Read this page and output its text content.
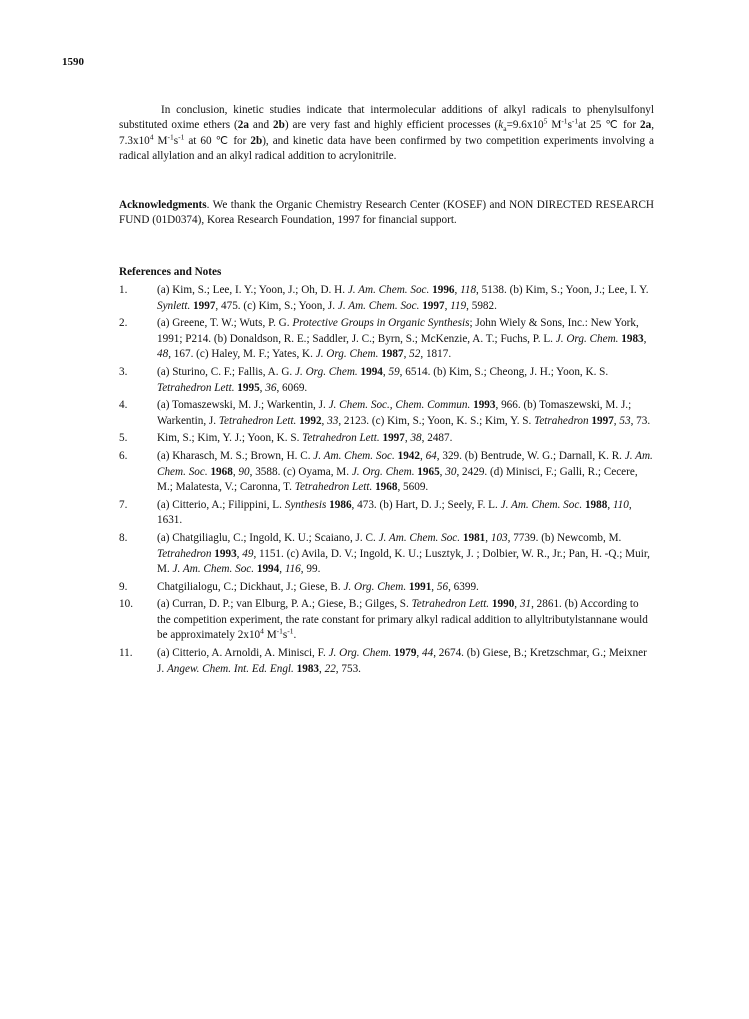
1590

In conclusion, kinetic studies indicate that intermolecular additions of alkyl radicals to phenylsulfonyl substituted oxime ethers (2a and 2b) are very fast and highly efficient processes ($k_a=9.6x10^5$ $M^{-1}s^{-1}at$ 25 ℃ for 2a, $7.3x10^4$ $M^{-1}s^{-1}$ at 60 ℃ for 2b), and kinetic data have been confirmed by two competition experiments involving a radical allylation and an alkyl radical addition to acrylonitrile.

Acknowledgments. We thank the Organic Chemistry Research Center (KOSEF) and NON DIRECTED RESEARCH FUND (01D0374), Korea Research Foundation, 1997 for financial support.

References and Notes
1.	(a) Kim, S.; Lee, I. Y.; Yoon, J.; Oh, D. H. J. Am. Chem. Soc. 1996, 118, 5138. (b) Kim, S.; Yoon, J.; Lee, I. Y. Synlett. 1997, 475. (c) Kim, S.; Yoon, J. J. Am. Chem. Soc. 1997, 119, 5982.
2.	(a) Greene, T. W.; Wuts, P. G. Protective Groups in Organic Synthesis; John Wiely & Sons, Inc.: New York, 1991; P214. (b) Donaldson, R. E.; Saddler, J. C.; Byrn, S.; McKenzie, A. T.; Fuchs, P. L. J. Org. Chem. 1983, 48, 167. (c) Haley, M. F.; Yates, K. J. Org. Chem. 1987, 52, 1817.
3.	(a) Sturino, C. F.; Fallis, A. G. J. Org. Chem. 1994, 59, 6514. (b) Kim, S.; Cheong, J. H.; Yoon, K. S. Tetrahedron Lett. 1995, 36, 6069.
4.	(a) Tomaszewski, M. J.; Warkentin, J. J. Chem. Soc., Chem. Commun. 1993, 966. (b) Tomaszewski, M. J.; Warkentin, J. Tetrahedron Lett. 1992, 33, 2123. (c) Kim, S.; Yoon, K. S.; Kim, Y. S. Tetrahedron 1997, 53, 73.
5.	Kim, S.; Kim, Y. J.; Yoon, K. S. Tetrahedron Lett. 1997, 38, 2487.
6.	(a) Kharasch, M. S.; Brown, H. C. J. Am. Chem. Soc. 1942, 64, 329. (b) Bentrude, W. G.; Darnall, K. R. J. Am. Chem. Soc. 1968, 90, 3588. (c) Oyama, M. J. Org. Chem. 1965, 30, 2429. (d) Minisci, F.; Galli, R.; Cecere, M.; Malatesta, V.; Caronna, T. Tetrahedron Lett. 1968, 5609.
7.	(a) Citterio, A.; Filippini, L. Synthesis 1986, 473. (b) Hart, D. J.; Seely, F. L. J. Am. Chem. Soc. 1988, 110, 1631.
8.	(a) Chatgiliaglu, C.; Ingold, K. U.; Scaiano, J. C. J. Am. Chem. Soc. 1981, 103, 7739. (b) Newcomb, M. Tetrahedron 1993, 49, 1151. (c) Avila, D. V.; Ingold, K. U.; Lusztyk, J. ; Dolbier, W. R., Jr.; Pan, H. -Q.; Muir, M. J. Am. Chem. Soc. 1994, 116, 99.
9.	Chatgilialogu, C.; Dickhaut, J.; Giese, B. J. Org. Chem. 1991, 56, 6399.
10. (a) Curran, D. P.; van Elburg, P. A.; Giese, B.; Gilges, S. Tetrahedron Lett. 1990, 31, 2861. (b) According to the competition experiment, the rate constant for primary alkyl radical addition to allyltributylstannane would be approximately $2x10^4$ $M^{-1}s^{-1}$.
11. (a) Citterio, A. Arnoldi, A. Minisci, F. J. Org. Chem. 1979, 44, 2674. (b) Giese, B.; Kretzschmar, G.; Meixner J. Angew. Chem. Int. Ed. Engl. 1983, 22, 753.
